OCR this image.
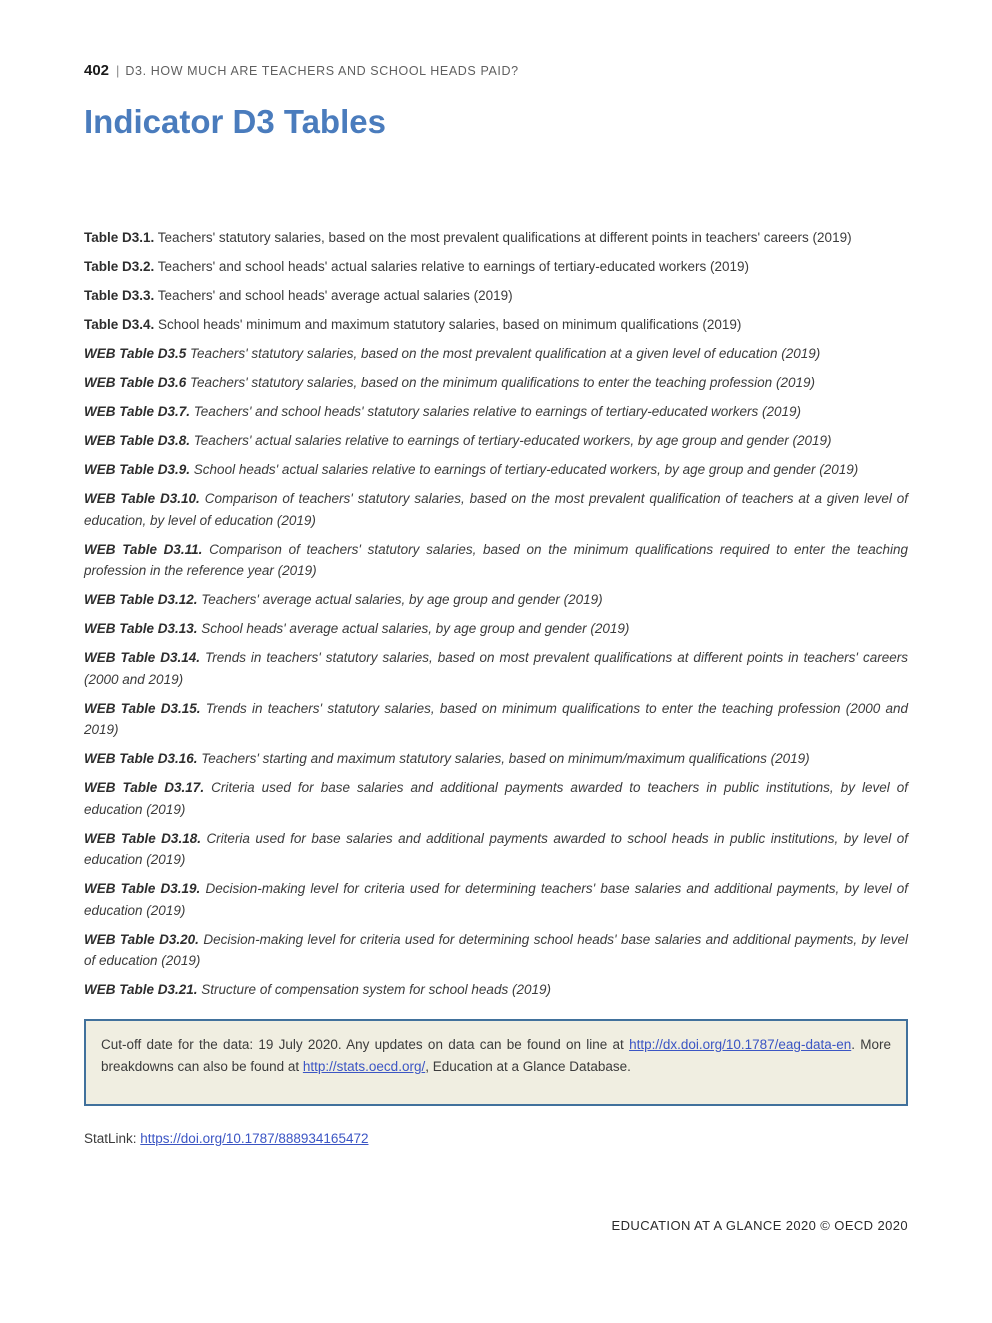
402 | D3. HOW MUCH ARE TEACHERS AND SCHOOL HEADS PAID?
Indicator D3 Tables

Table D3.1. Teachers' statutory salaries, based on the most prevalent qualifications at different points in teachers' careers (2019)

Table D3.2. Teachers' and school heads' actual salaries relative to earnings of tertiary-educated workers (2019)

Table D3.3. Teachers' and school heads' average actual salaries (2019)

Table D3.4. School heads' minimum and maximum statutory salaries, based on minimum qualifications (2019)

WEB Table D3.5 Teachers' statutory salaries, based on the most prevalent qualification at a given level of education (2019)

WEB Table D3.6 Teachers' statutory salaries, based on the minimum qualifications to enter the teaching profession (2019)

WEB Table D3.7. Teachers' and school heads' statutory salaries relative to earnings of tertiary-educated workers (2019)

WEB Table D3.8. Teachers' actual salaries relative to earnings of tertiary-educated workers, by age group and gender (2019)

WEB Table D3.9. School heads' actual salaries relative to earnings of tertiary-educated workers, by age group and gender (2019)

WEB Table D3.10. Comparison of teachers' statutory salaries, based on the most prevalent qualification of teachers at a given level of education, by level of education (2019)

WEB Table D3.11. Comparison of teachers' statutory salaries, based on the minimum qualifications required to enter the teaching profession in the reference year (2019)

WEB Table D3.12. Teachers' average actual salaries, by age group and gender (2019)

WEB Table D3.13. School heads' average actual salaries, by age group and gender (2019)

WEB Table D3.14. Trends in teachers' statutory salaries, based on most prevalent qualifications at different points in teachers' careers (2000 and 2019)

WEB Table D3.15. Trends in teachers' statutory salaries, based on minimum qualifications to enter the teaching profession (2000 and 2019)

WEB Table D3.16. Teachers' starting and maximum statutory salaries, based on minimum/maximum qualifications (2019)

WEB Table D3.17. Criteria used for base salaries and additional payments awarded to teachers in public institutions, by level of education (2019)

WEB Table D3.18. Criteria used for base salaries and additional payments awarded to school heads in public institutions, by level of education (2019)

WEB Table D3.19. Decision-making level for criteria used for determining teachers' base salaries and additional payments, by level of education (2019)

WEB Table D3.20. Decision-making level for criteria used for determining school heads' base salaries and additional payments, by level of education (2019)

WEB Table D3.21. Structure of compensation system for school heads (2019)

Cut-off date for the data: 19 July 2020. Any updates on data can be found on line at http://dx.doi.org/10.1787/eag-data-en. More breakdowns can also be found at http://stats.oecd.org/, Education at a Glance Database.

StatLink: https://doi.org/10.1787/888934165472

EDUCATION AT A GLANCE 2020 © OECD 2020
